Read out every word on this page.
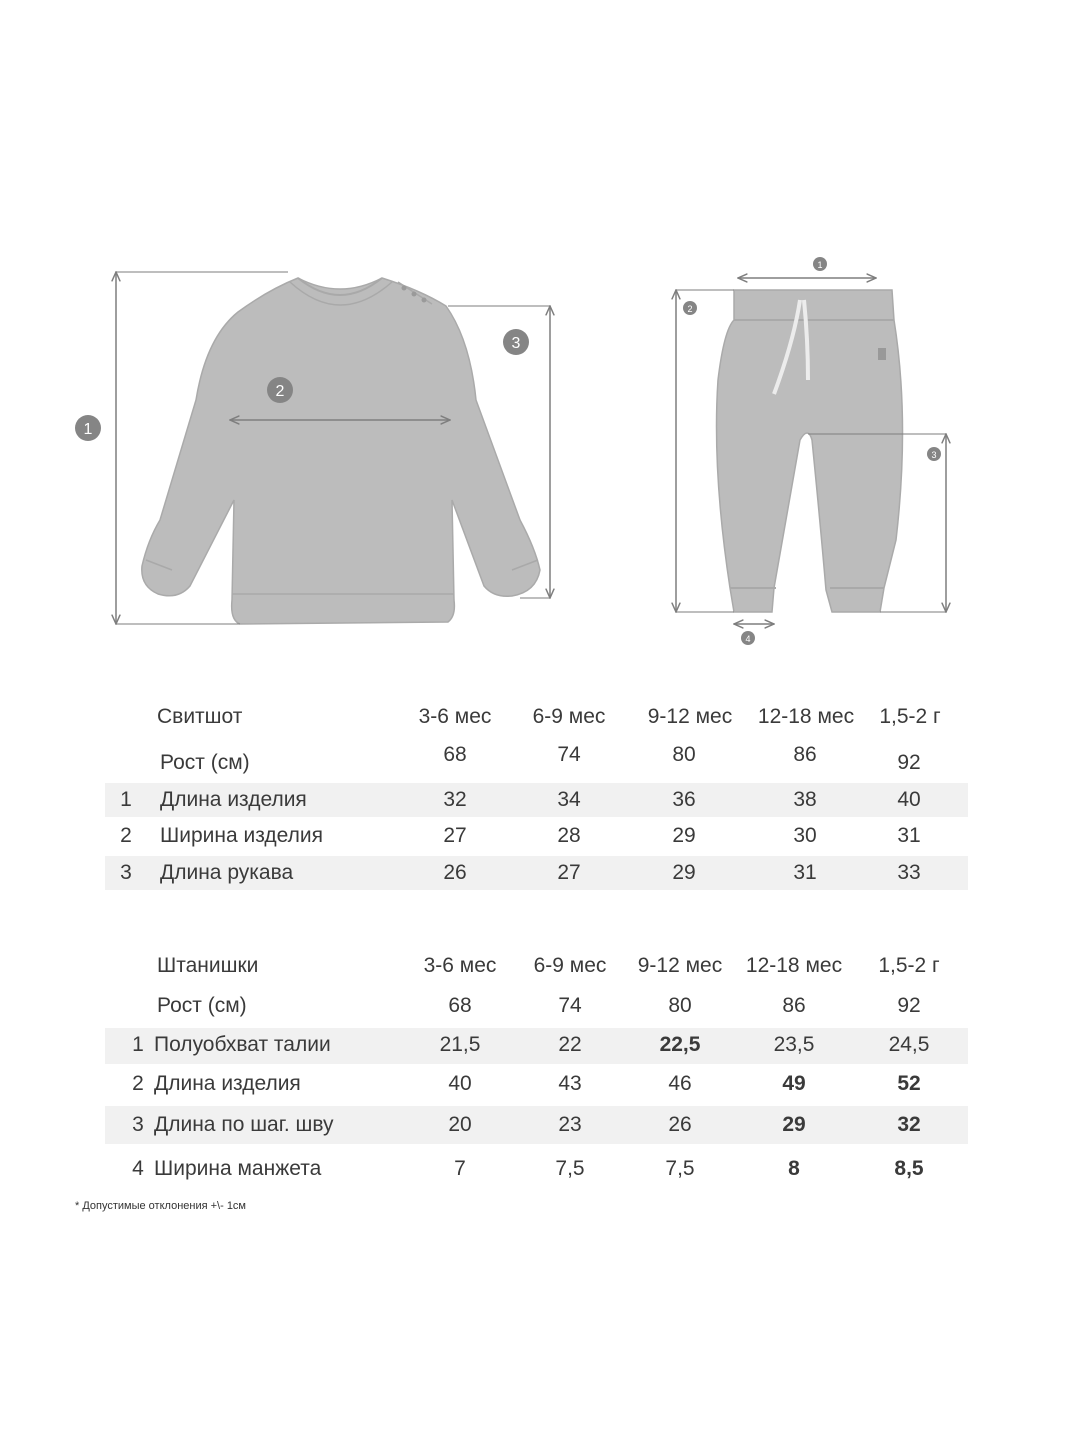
1
2
3
1
2
3
4
Свитшот	3-6 мес	6-9 мес	9-12 мес	12-18 мес	1,5-2 г
Рост (см)	68	74	80	86	92
1	Длина изделия	32	34	36	38	40
2	Ширина изделия	27	28	29	30	31
3	Длина рукава	26	27	29	31	33
Штанишки	3-6 мес	6-9 мес	9-12 мес	12-18 мес	1,5-2 г
Рост (см)	68	74	80	86	92
1 Полуобхват талии	21,5	22	22,5	23,5	24,5
2 Длина изделия	40	43	46	49	52
3 Длина по шаг. шву	20	23	26	29	32
4 Ширина манжета	7	7,5	7,5	8	8,5
* Допустимые отклонения +\- 1см
